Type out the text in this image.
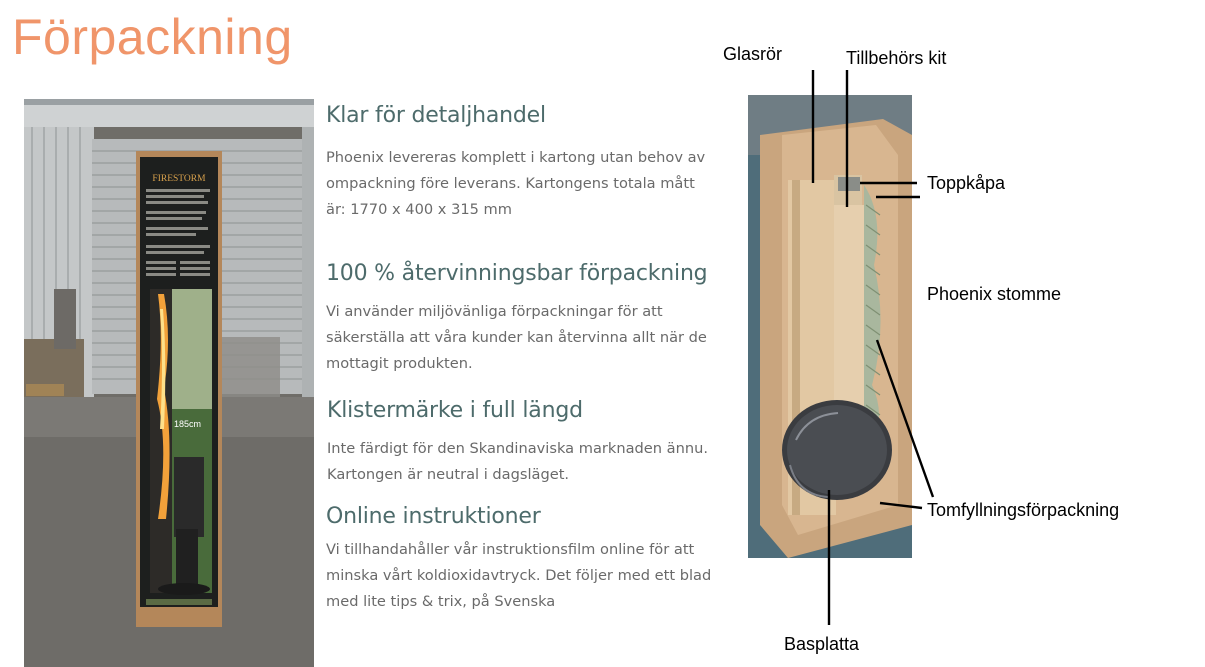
Förpackning
FIRESTORM
185cm
Klar för detaljhandel
Phoenix levereras komplett i kartong utan behov av ompackning före leverans. Kartongens totala mått är: 1770 x 400 x 315 mm
100 % återvinningsbar förpackning
Vi använder miljövänliga förpackningar för att säkerställa att våra kunder kan återvinna allt när de mottagit produkten.
Klistermärke i full längd
Inte färdigt för den Skandinaviska marknaden ännu. Kartongen är neutral i dagsläget.
Online instruktioner
Vi tillhandahåller vår instruktionsfilm online för att minska vårt koldioxidavtryck. Det följer med ett blad med lite tips & trix, på Svenska
Glasrör	Tillbehörs kit
Toppkåpa
Phoenix stomme
Tomfyllningsförpackning
Basplatta
